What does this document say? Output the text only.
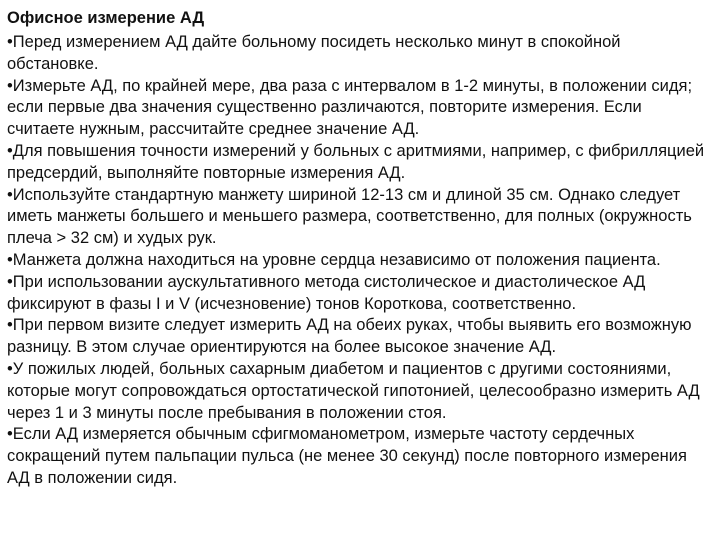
Офисное измерение АД
•Перед измерением АД дайте больному посидеть несколько минут в спокойной обстановке.
•Измерьте АД, по крайней мере, два раза с интервалом в 1-2 минуты, в положении сидя; если первые два значения существенно различаются, повторите измерения. Если считаете нужным, рассчитайте среднее значение АД.
•Для повышения точности измерений у больных с аритмиями, например, с фибрилляцией предсердий, выполняйте повторные измерения АД.
•Используйте стандартную манжету шириной 12-13 см и длиной 35 см. Однако следует иметь манжеты большего и меньшего размера, соответственно, для полных (окружность плеча > 32 см) и худых рук.
•Манжета должна находиться на уровне сердца независимо от положения пациента.
•При использовании аускультативного метода систолическое и диастолическое АД фиксируют в фазы I и V (исчезновение) тонов Короткова, соответственно.
•При первом визите следует измерить АД на обеих руках, чтобы выявить его возможную разницу. В этом случае ориентируются на более высокое значение АД.
•У пожилых людей, больных сахарным диабетом и пациентов с другими состояниями, которые могут сопровождаться ортостатической гипотонией, целесообразно измерить АД через 1 и 3 минуты после пребывания в положении стоя.
•Если АД измеряется обычным сфигмоманометром, измерьте частоту сердечных сокращений путем пальпации пульса (не менее 30 секунд) после повторного измерения АД в положении сидя.
